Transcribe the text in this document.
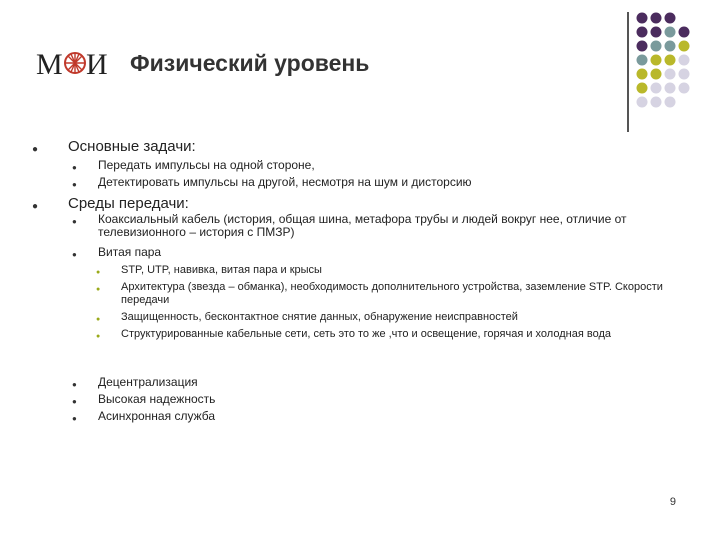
М И Физический уровень
● Основные задачи:
● Передать импульсы на одной стороне,
● Детектировать импульсы на другой, несмотря на шум и дисторсию
● Среды передачи:
● Коаксиальный кабель (история, общая шина, метафора трубы и людей вокруг нее, отличие от телевизионного – история с ПМЗР)
● Витая пара
● STP, UTP, навивка, витая пара и крысы
● Архитектура (звезда – обманка), необходимость дополнительного устройства, заземление STP. Скорости передачи
● Защищенность, бесконтактное снятие данных, обнаружение неисправностей
● Структурированные кабельные сети, сеть это то же ,что и освещение, горячая и холодная вода
● Децентрализация
● Высокая надежность
● Асинхронная служба
9
